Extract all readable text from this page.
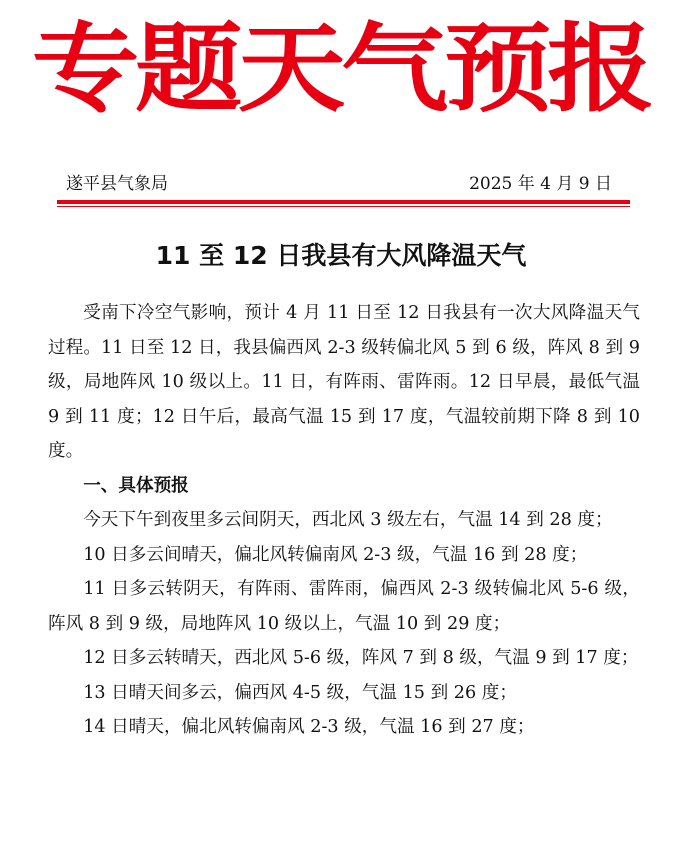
专题天气预报
遂平县气象局	2025 年 4 月 9 日
11 至 12 日我县有大风降温天气

受南下冷空气影响，预计 4 月 11 日至 12 日我县有一次大风降温天气过程。11 日至 12 日，我县偏西风 2-3 级转偏北风 5 到 6 级，阵风 8 到 9 级，局地阵风 10 级以上。11 日，有阵雨、雷阵雨。12 日早晨，最低气温 9 到 11 度；12 日午后，最高气温 15 到 17 度，气温较前期下降 8 到 10 度。

一、具体预报

今天下午到夜里多云间阴天，西北风 3 级左右，气温 14 到 28 度；

10 日多云间晴天，偏北风转偏南风 2-3 级，气温 16 到 28 度；

11 日多云转阴天，有阵雨、雷阵雨，偏西风 2-3 级转偏北风 5-6 级，阵风 8 到 9 级，局地阵风 10 级以上，气温 10 到 29 度；

12 日多云转晴天，西北风 5-6 级，阵风 7 到 8 级，气温 9 到 17 度；

13 日晴天间多云，偏西风 4-5 级，气温 15 到 26 度；

14 日晴天，偏北风转偏南风 2-3 级，气温 16 到 27 度；
